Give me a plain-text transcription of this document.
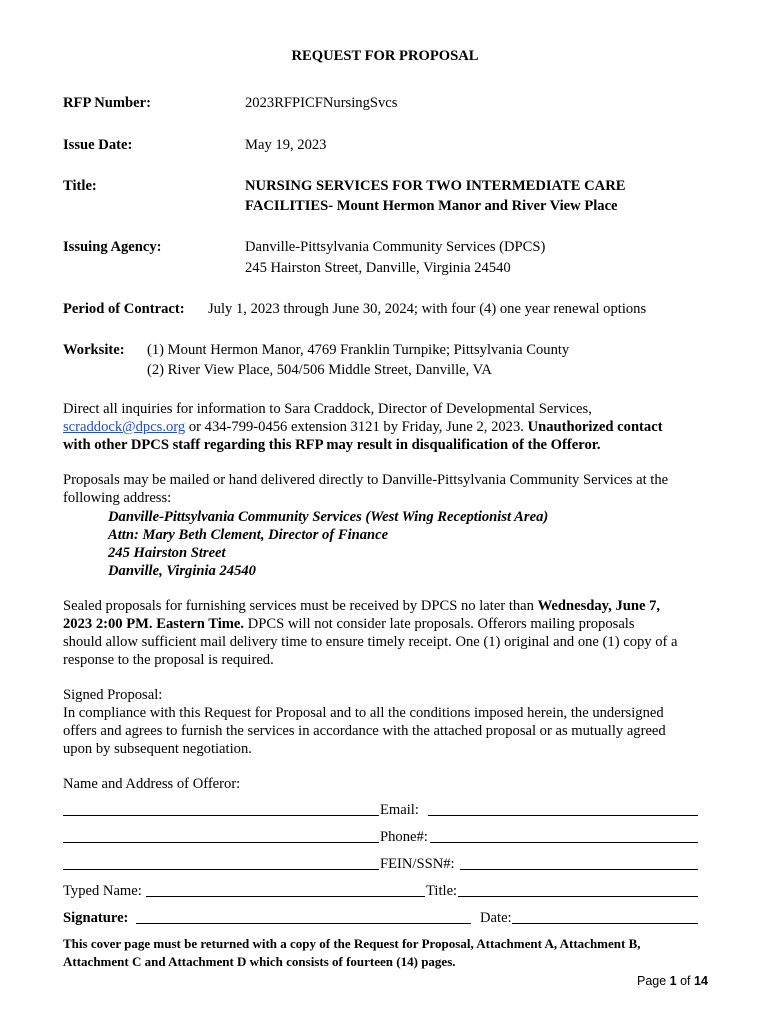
REQUEST FOR PROPOSAL
RFP Number:	2023RFPICFNursingSvcs
Issue Date:	May 19, 2023
Title:	NURSING SERVICES FOR TWO INTERMEDIATE CARE
FACILITIES- Mount Hermon Manor and River View Place
Issuing Agency:	Danville-Pittsylvania Community Services (DPCS)
245 Hairston Street, Danville, Virginia 24540
Period of Contract: July 1, 2023 through June 30, 2024; with four (4) one year renewal options
Worksite: (1) Mount Hermon Manor, 4769 Franklin Turnpike; Pittsylvania County
(2) River View Place, 504/506 Middle Street, Danville, VA
Direct all inquiries for information to Sara Craddock, Director of Developmental Services,
scraddock@dpcs.org or 434-799-0456 extension 3121 by Friday, June 2, 2023. Unauthorized contact
with other DPCS staff regarding this RFP may result in disqualification of the Offeror.
Proposals may be mailed or hand delivered directly to Danville-Pittsylvania Community Services at the
following address:
Danville-Pittsylvania Community Services (West Wing Receptionist Area)
Attn: Mary Beth Clement, Director of Finance
245 Hairston Street
Danville, Virginia 24540
Sealed proposals for furnishing services must be received by DPCS no later than Wednesday, June 7,
2023 2:00 PM. Eastern Time. DPCS will not consider late proposals. Offerors mailing proposals
should allow sufficient mail delivery time to ensure timely receipt. One (1) original and one (1) copy of a
response to the proposal is required.
Signed Proposal:
In compliance with this Request for Proposal and to all the conditions imposed herein, the undersigned
offers and agrees to furnish the services in accordance with the attached proposal or as mutually agreed
upon by subsequent negotiation.
Name and Address of Offeror:
Email:
Phone#:
FEIN/SSN#:
Typed Name:	Title:
Signature:	Date:
This cover page must be returned with a copy of the Request for Proposal, Attachment A, Attachment B,
Attachment C and Attachment D which consists of fourteen (14) pages.
Page 1 of 14
